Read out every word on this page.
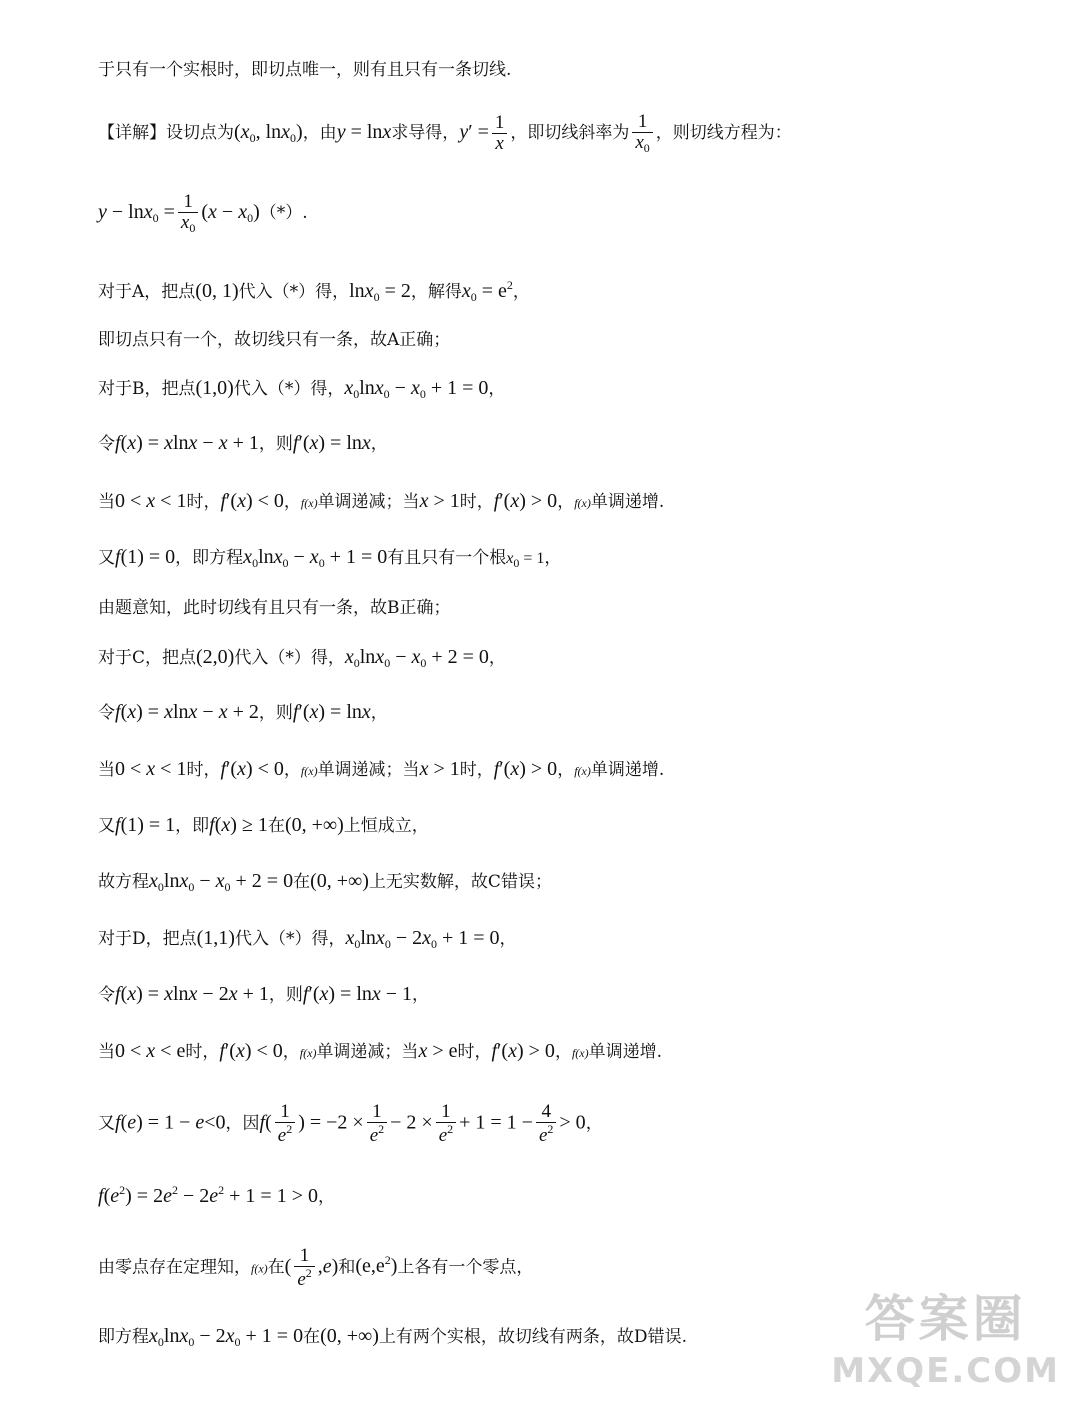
于只有一个实根时，即切点唯一，则有且只有一条切线.
【详解】设切点为($x_0$, lnx$_0$)，由y = lnx求导得，$y' = \frac{1}{x}$ ，即切线斜率为 $\frac{1}{x_0}$ ，则切线方程为：
$y - \ln x_0 = \frac{1}{x_0} (x - x_0)(*)$.
对于A，把点(0, 1)代入（*）得，lnx$_0$ = 2，解得$x_0 = e^2$，
即切点只有一个，故切线只有一条，故A正确；
对于B，把点(1,0)代入（*）得，$x_0\ln x_0 - x_0 + 1 = 0$，
令f(x) = xlnx − x + 1，则f′(x) = lnx，
当0 < x < 1时，f′(x) < 0，f(x)单调递减；当x > 1时，f′(x) > 0，f(x)单调递增.
又f(1) = 0，即方程$x_0\ln x_0 - x_0 + 1 = 0$有且只有一个根$x_0 = 1$，
由题意知，此时切线有且只有一条，故B正确；
对于C，把点(2,0)代入（*）得，$x_0\ln x_0 - x_0 + 2 = 0$，
令f(x) = xlnx − x + 2，则f′(x) = lnx，
当0 < x < 1时，f′(x) < 0，f(x)单调递减；当x > 1时，f′(x) > 0，f(x)单调递增.
又f(1) = 1，即f(x) ≥ 1在(0, +∞)上恒成立，
故方程$x_0\ln x_0 - x_0 + 2 = 0$在(0, +∞)上无实数解，故C错误；
对于D，把点(1,1)代入（*）得，$x_0\ln x_0 - 2x_0 + 1 = 0$，
令f(x) = xlnx − 2x + 1，则f′(x) = lnx − 1，
当0 < x < e时，f′(x) < 0，f(x)单调递减；当x > e时，f′(x) > 0，f(x)单调递增.
又f(e) = 1 − e<0，因$f( \frac{1}{e^2}$ ) = $-2 \times \frac{1}{e^2} - 2 \times \frac{1}{e^2} + 1 = 1 - \frac{4}{e^2} > 0$，
$f(e^2) = 2e^2 - 2e^2 + 1 = 1 > 0$，
由零点存在定理知，f(x)在( $\frac{1}{e^2} ,e$)和$(e,e^2)$上各有一个零点，
即方程$x_0\ln x_0 - 2x_0 + 1 = 0$在(0, +∞)上有两个实根，故切线有两条，故D错误.	答案圈
MXQE.COM
